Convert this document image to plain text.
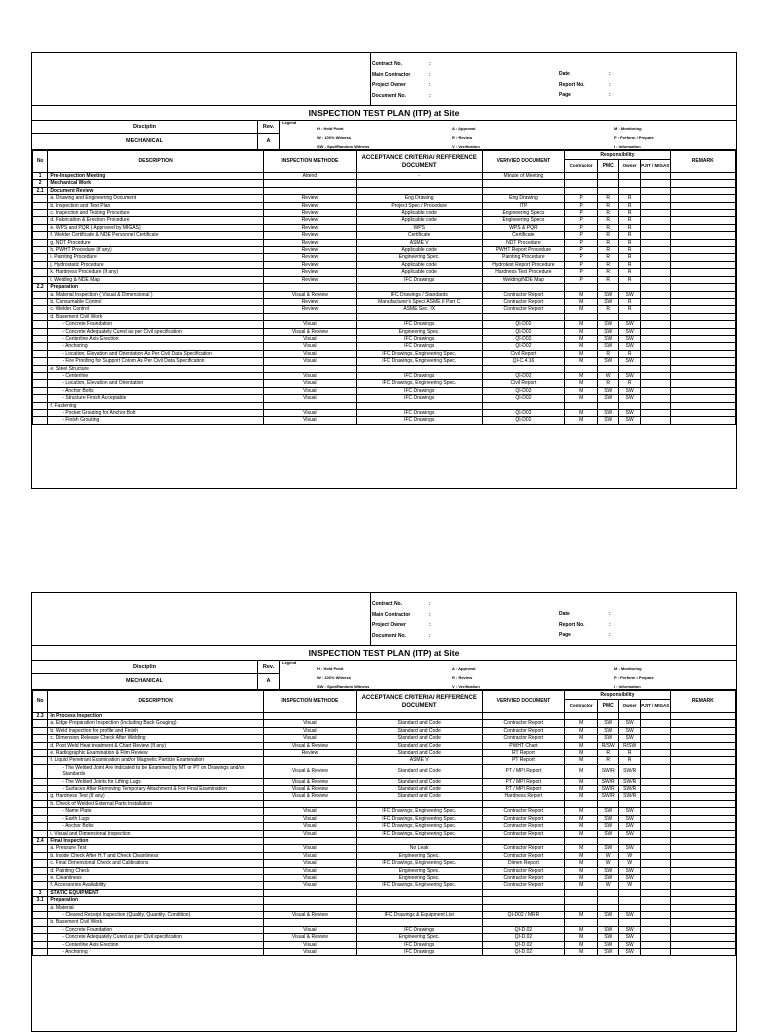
Contract No.
Main Contractor
Project Owner
Document No.
:
:
:
:
Date
Report No.
Page
:
:
:
INSPECTION TEST PLAN (ITP) at Site
Disciplin
MECHANICAL
Rev.
A
Legend
H : Hold Point
W : 100% Witness
SW : Spot/Random Witness
A : Approval
R : Review
V : Verification
M : Monitoring
P : Perform / Prepare
I : Information
No	DESCRIPTION	INSPECTION METHODE	ACCEPTANCE CRITERIA/ REFFERENCE DOCUMENT	VERIVIED DOCUMENT	Responsibility				REMARK
					Contractor	PMC	Owner	PJIT / MIGAS	
1	Pre-Inspection Meeting	Attend	-	Minute of Meeting					
2	Mechanical Work								
2.1	Document Review								
	a. Drawing and Engineering Document	Review	Eng Drawing	Eng Drawing	P	R	R		
	b. Inspection and Test Plan	Review	Project Spec / Procedure	ITP	P	R	R		
	c. Inspection and Testing Procedure	Review	Applicable code	Engineering Specs	P	R	R		
	d. Fabrication & Erection Procedure	Review	Applicable code	Engineering Specs	P	R	R		
	e. WPS and PQR ( Approved by MIGAS)	Review	WPS	WPS & PQR	P	R	R		
	f. Welder Certificate & NDE Personnel Certificate	Review	Certificate	Certificate	P	R	R		
	g. NDT Procedure	Review	ASME V	NDT Procedure	P	R	R		
	h. PWHT Procedure (if any)	Review	Applicable code	PWHT Report Procedure	P	R	R		
	i. Painting Procedure	Review	Engineering Spec.	Painting Procedure	P	R	R		
	j. Hydrostatic Procedure	Review	Applicable code	Hydrotest Report Procedure	P	R	R		
	k. Hardness Procedure (if any)	Review	Applicable code	Hardness Test Procedure	P	R	R		
	l. Welding & NDE Map	Review	IFC Drawings	Welding/NDE Map	P	R	R		
2.2	Preparation								
	a. Material Inspection ( Visual & Dimensional )	Visual & Review	IFC Drawings / Standards	Contractor Report	M	SW	SW		
	b. Consumable Control	Review	Manufacturer's Spec/ ASME II Part C	Contractor Report	M	SW	R		
	c. Welder Control	Review	ASME Sec. IX	Contractor Report	M	R	R		
	d. Basement Civil Work								
	- Concrete Foundation	Visual	IFC Drawings	QI-D02	M	SW	SW		
	- Concrete Adequately Cured as per Civil specification	Visual & Review	Engineering Spec.	QI-D02	M	SW	SW		
	- Centerline Axis Erection	Visual	IFC Drawings	QI-D02	M	SW	SW		
	- Anchoring	Visual	IFC Drawings	QI-D02	M	SW	SW		
	- Location, Elevation and Orientation As Per Civil Data Specification	Visual	IFC Drawings, Engineering Spec.	Civil Report	M	R	R		
	- Fire Proofing for Support Colom As Per Civil Data Specification	Visual	IFC Drawings, Engineering Spec.	QI-C.4.16	M	SW	SW		
	e. Steel Structure								
	- Centerline	Visual	IFC Drawings	QI-D02	M	W	SW		
	- Location, Elevation and Orientation	Visual	IFC Drawings, Engineering Spec.	Civil Report	M	R	R		
	- Anchor Bolts	Visual	IFC Drawings	QI-D02	M	SW	SW		
	- Structure Finish Acceptable	Visual	IFC Drawings	QI-D02	M	SW	SW		
	f. Fastening								
	- Pocket Grouting for Anchor Bolt	Visual	IFC Drawings	QI-D02	M	SW	SW		
	- Finish Grouting	Visual	IFC Drawings	QI-D02	M	SW	SW		
Contract No.
Main Contractor
Project Owner
Document No.
:
:
:
:
Date
Report No.
Page
:
:
:
INSPECTION TEST PLAN (ITP) at Site
Disciplin
MECHANICAL
Rev.
A
Legend
H : Hold Point
W : 100% Witness
SW : Spot/Random Witness
A : Approval
R : Review
V : Verification
M : Monitoring
P : Perform / Prepare
I : Information
No	DESCRIPTION	INSPECTION METHODE	ACCEPTANCE CRITERIA/ REFFERENCE DOCUMENT	VERIVIED DOCUMENT	Responsibility				REMARK
					Contractor	PMC	Owner	PJIT / MIGAS	
2.3	In Process Inspection								
	a. Edge Preparation Inspection (Including Back Gouging)	Visual	Standard and Code	Contractor Report	M	SW	SW		
	b. Weld Inspection for profile and Finish	Visual	Standard and Code	Contractor Report	M	SW	SW		
	c. Dimension Release Check After Welding	Visual	Standard and Code	Contractor Report	M	SW	SW		
	d. Post Weld Heat treatment & Chart Review (If any)	Visual & Review	Standard and Code	PWHT Chart	M	R/SW	R/SW		
	e. Radiographic Examination & Film Review	Review	Standard and Code	RT Report	M	R	R		
	f. Liquid Penetrant Examination and/or Magnetic Particle Examination		ASME V	PT Report	M	R	R		
	- The Welded Joint Are Indicated to be Examined by MT or PT on Drawings and/or Standards	Visual & Review	Standard and Code	PT / MPI Report	M	SW/R	SW/R		
	- The Welded Joints for Lifting Lugs	Visual & Review	Standard and Code	PT / MPI Report	M	SW/R	SW/R		
	- Surfaces After Removing Temporary Attachment & For Final Examination	Visual & Review	Standard and Code	PT / MPI Report	M	SW/R	SW/R		
	g. Hardness Test (If any)	Visual & Review	Standard and Code	Hardness Report	M	SW/R	SW/R		
	h. Check of Welded External Parts Installation								
	- Name Plate	Visual	IFC Drawings, Engineering Spec.	Contractor Report	M	SW	SW		
	- Earth Lugs	Visual	IFC Drawings, Engineering Spec.	Contractor Report	M	SW	SW		
	- Anchor Bolts	Visual	IFC Drawings, Engineering Spec.	Contractor Report	M	SW	SW		
	i. Visual and Dimensional Inspection	Visual	IFC Drawings, Engineering Spec.	Contractor Report	M	SW	SW		
2.4	Final Inspection								
	a. Pressure Test	Visual	No Leak	Contractor Report	M	SW	SW		
	b. Inside Check After H.T and Check Cleanliness	Visual	Engineering Spec.	Contractor Report	M	W	W		
	c. Final Dimensional Check and Calibrations	Visual	IFC Drawings, Engineering Spec.	Dimen Report	M	W	W		
	d. Painting Check	Visual	Engineering Spec.	Contractor Report	M	SW	SW		
	e. Cleanliness	Visual	Engineering Spec.	Contractor Report	M	SW	SW		
	f. Accessories Availability	Visual	IFC Drawings, Engineering Spec.	Contractor Report	M	W	W		
3	STATIC EQUIPMENT								
3.1	Preparation								
	a. Material								
	- Cleared Receipt Inspection (Quality, Quantity, Condition)	Visual & Review	IFC Drawings & Equipment List	QI-D02 / MRR	M	SW	SW		
	b. Basement Civil Work								
	- Concrete Foundation	Visual	IFC Drawings	QI-D.02	M	SW	SW		
	- Concrete Adequately Cured as per Civil specification	Visual & Review	Engineering Spec.	QI-D.02	M	SW	SW		
	- Centerline Axis Erection	Visual	IFC Drawings	QI-D.02	M	SW	SW		
	- Anchoring	Visual	IFC Drawings	QI-D.02	M	SW	SW		
